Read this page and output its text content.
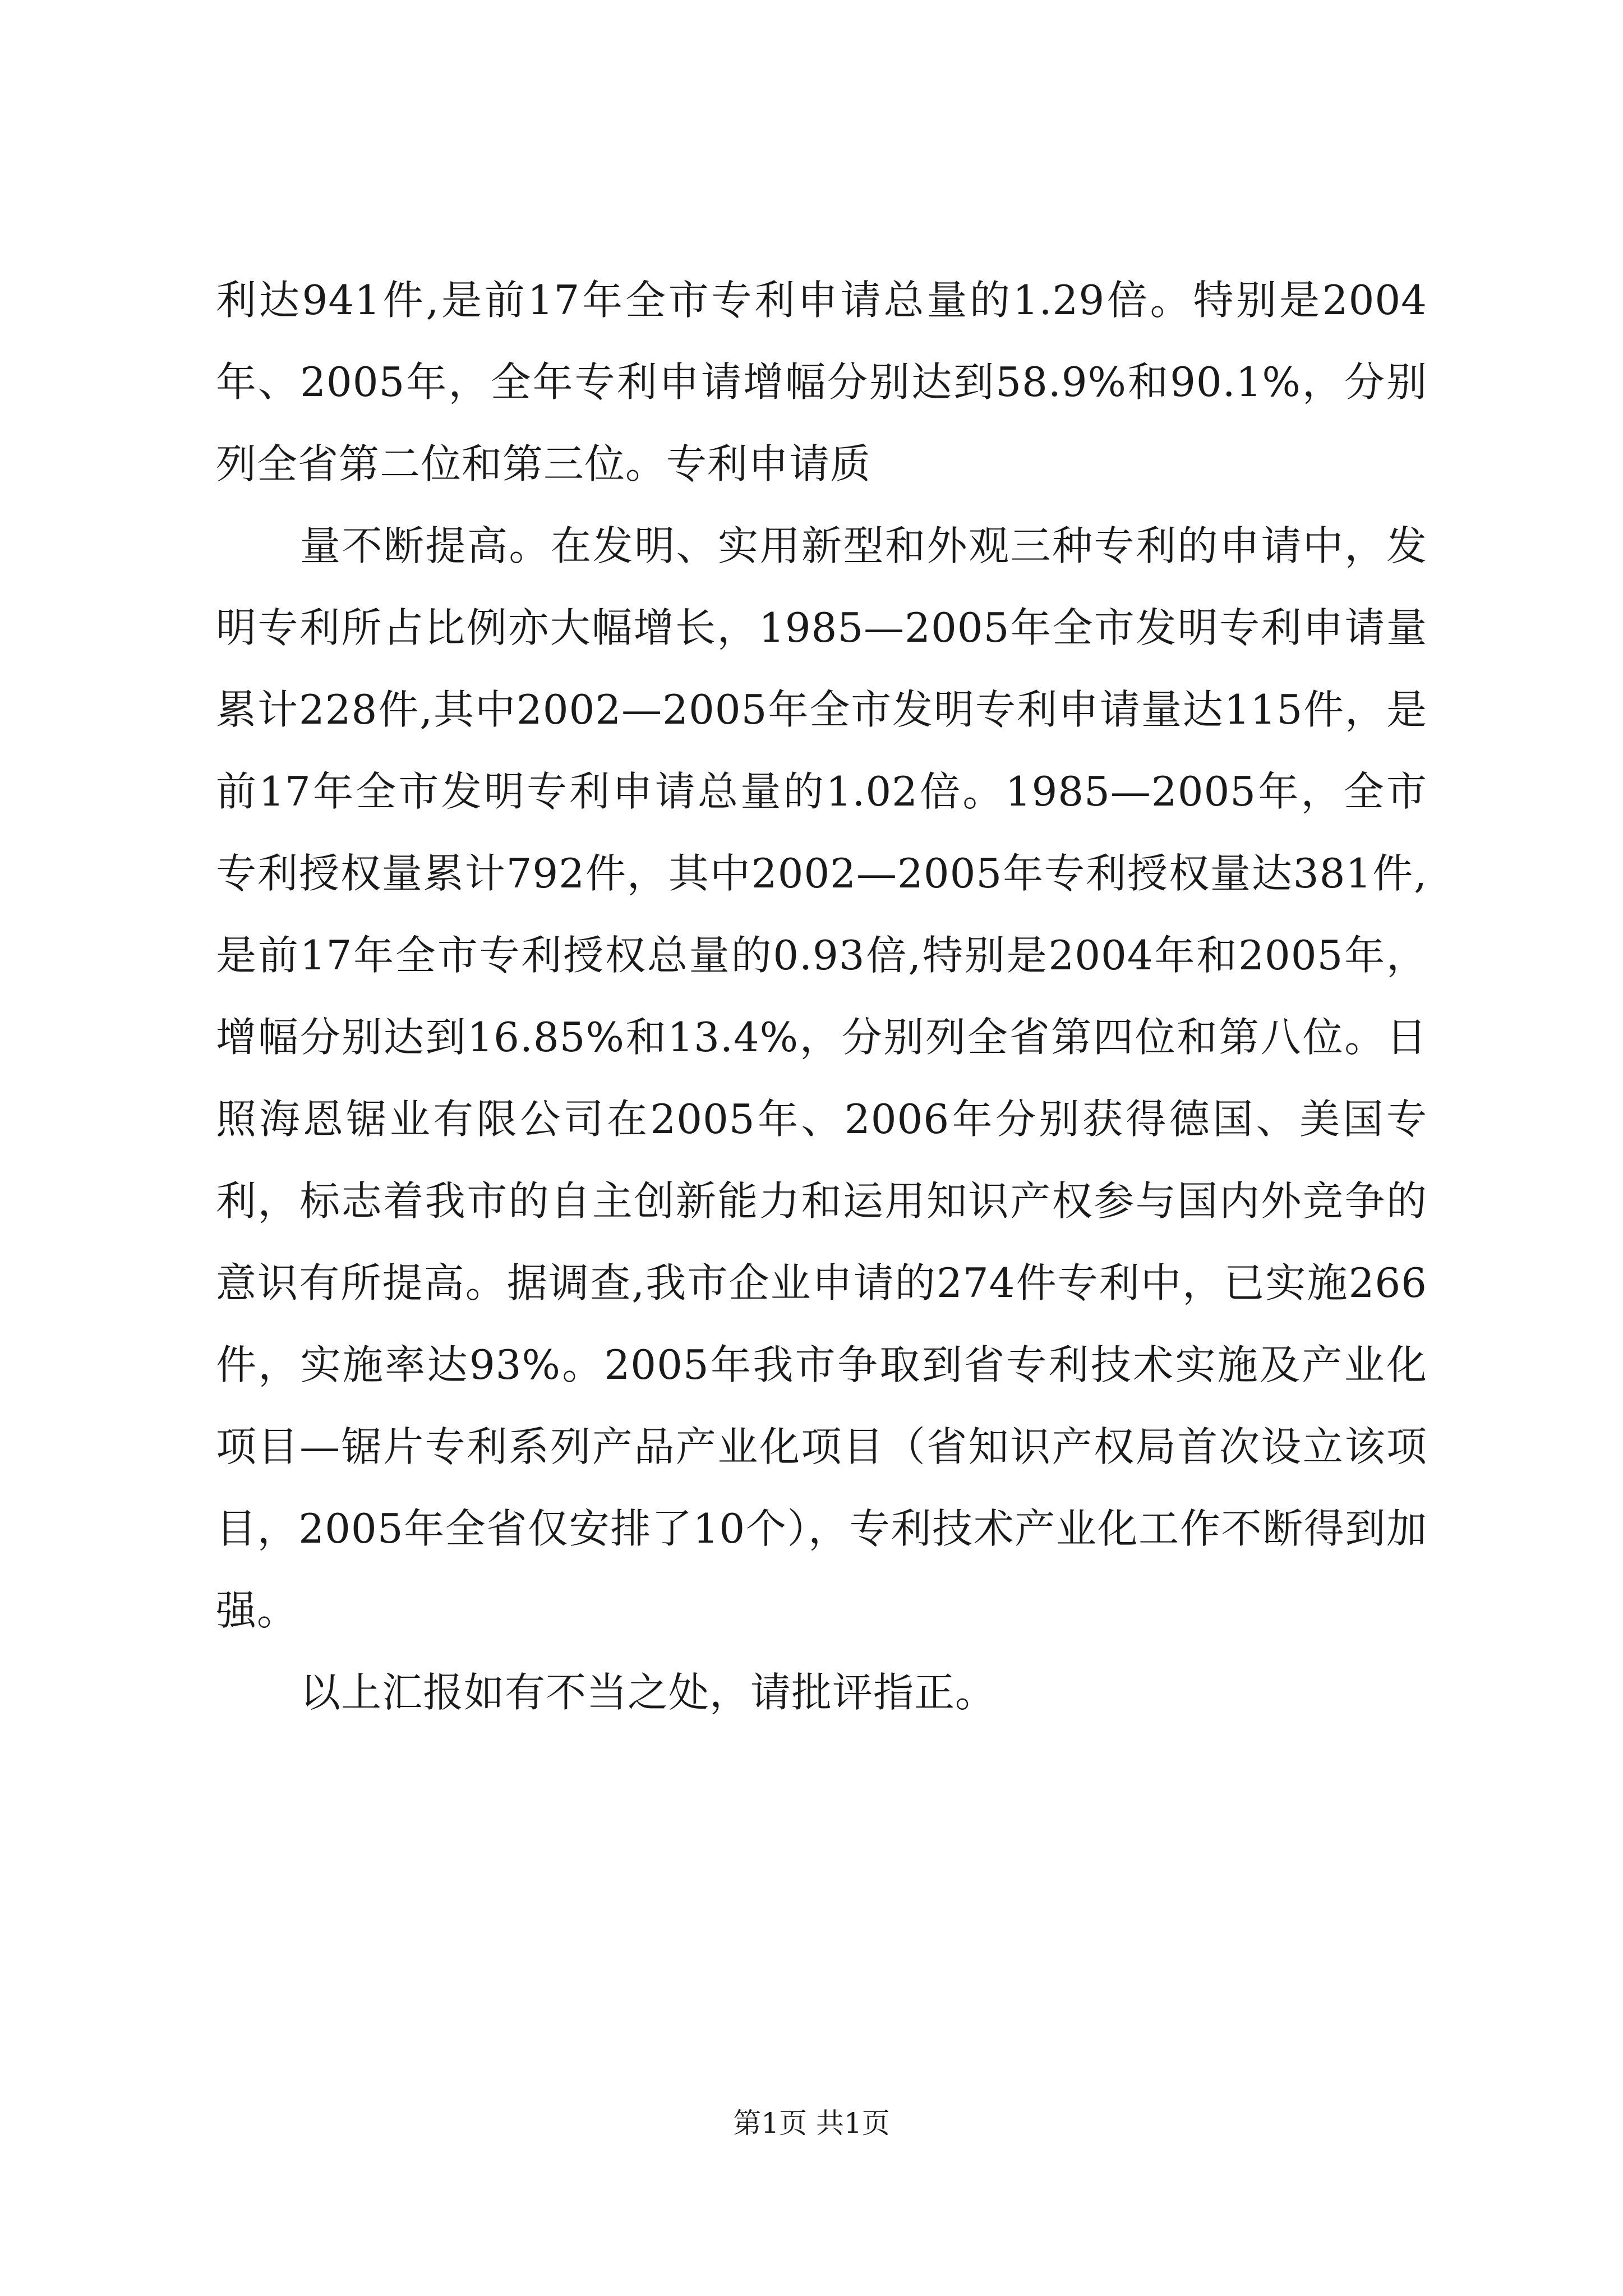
利达941件,是前17年全市专利申请总量的1.29倍。特别是2004年、2005年，全年专利申请增幅分别达到58.9%和90.1%，分别列全省第二位和第三位。专利申请质

量不断提高。在发明、实用新型和外观三种专利的申请中，发明专利所占比例亦大幅增长，1985—2005年全市发明专利申请量累计228件,其中2002—2005年全市发明专利申请量达115件，是前17年全市发明专利申请总量的1.02倍。1985—2005年，全市专利授权量累计792件，其中2002—2005年专利授权量达381件,是前17年全市专利授权总量的0.93倍,特别是2004年和2005年，增幅分别达到16.85%和13.4%，分别列全省第四位和第八位。日照海恩锯业有限公司在2005年、2006年分别获得德国、美国专利，标志着我市的自主创新能力和运用知识产权参与国内外竞争的意识有所提高。据调查,我市企业申请的274件专利中，已实施266件，实施率达93%。2005年我市争取到省专利技术实施及产业化项目—锯片专利系列产品产业化项目（省知识产权局首次设立该项目，2005年全省仅安排了10个），专利技术产业化工作不断得到加强。

以上汇报如有不当之处，请批评指正。

第1页 共1页
